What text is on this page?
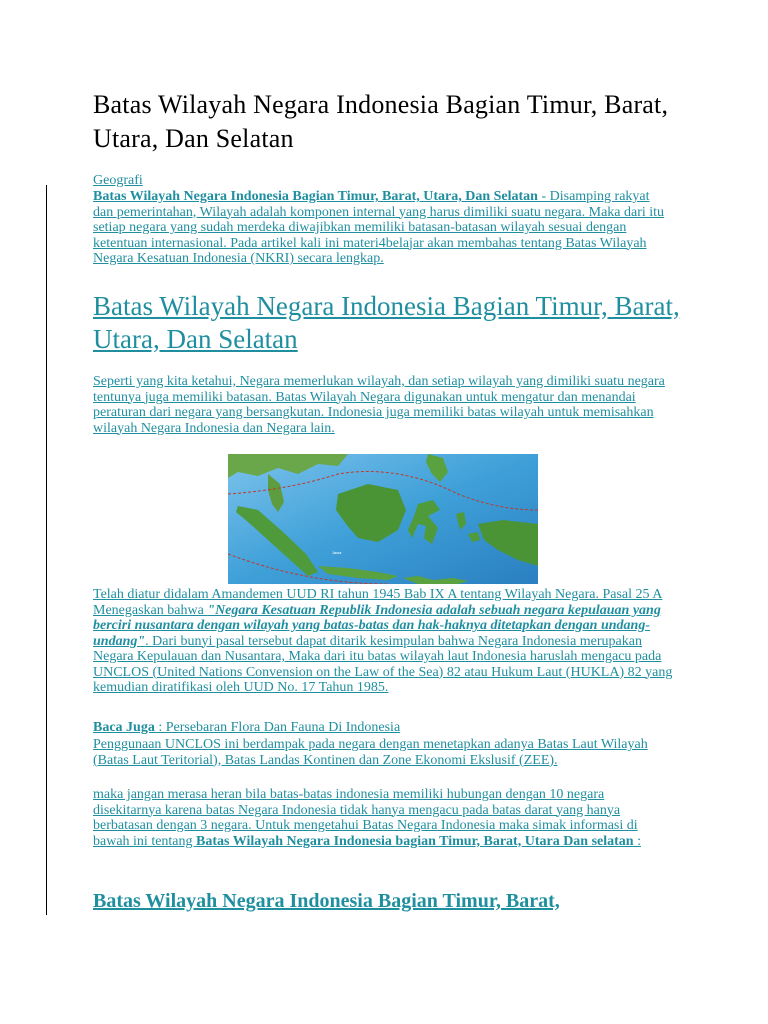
Batas Wilayah Negara Indonesia Bagian Timur, Barat, Utara, Dan Selatan
Geografi
Batas Wilayah Negara Indonesia Bagian Timur, Barat, Utara, Dan Selatan - Disamping rakyat dan pemerintahan, Wilayah adalah komponen internal yang harus dimiliki suatu negara. Maka dari itu setiap negara yang sudah merdeka diwajibkan memiliki batasan-batasan wilayah sesuai dengan ketentuan internasional. Pada artikel kali ini materi4belajar akan membahas tentang Batas Wilayah Negara Kesatuan Indonesia (NKRI) secara lengkap.
Batas Wilayah Negara Indonesia Bagian Timur, Barat, Utara, Dan Selatan
Seperti yang kita ketahui, Negara memerlukan wilayah, dan setiap wilayah yang dimiliki suatu negara tentunya juga memiliki batasan. Batas Wilayah Negara digunakan untuk mengatur dan menandai peraturan dari negara yang bersangkutan. Indonesia juga memiliki batas wilayah untuk memisahkan wilayah Negara Indonesia dan Negara lain.
Jawa
Telah diatur didalam Amandemen UUD RI tahun 1945 Bab IX A tentang Wilayah Negara. Pasal 25 A Menegaskan bahwa "Negara Kesatuan Republik Indonesia adalah sebuah negara kepulauan yang berciri nusantara dengan wilayah yang batas-batas dan hak-haknya ditetapkan dengan undang-undang". Dari bunyi pasal tersebut dapat ditarik kesimpulan bahwa Negara Indonesia merupakan Negara Kepulauan dan Nusantara, Maka dari itu batas wilayah laut Indonesia haruslah mengacu pada UNCLOS (United Nations Convension on the Law of the Sea) 82 atau Hukum Laut (HUKLA) 82 yang kemudian diratifikasi oleh UUD No. 17 Tahun 1985.
Baca Juga : Persebaran Flora Dan Fauna Di Indonesia
Penggunaan UNCLOS ini berdampak pada negara dengan menetapkan adanya Batas Laut Wilayah (Batas Laut Teritorial), Batas Landas Kontinen dan Zone Ekonomi Ekslusif (ZEE).
maka jangan merasa heran bila batas-batas indonesia memiliki hubungan dengan 10 negara disekitarnya karena batas Negara Indonesia tidak hanya mengacu pada batas darat yang hanya berbatasan dengan 3 negara. Untuk mengetahui Batas Negara Indonesia maka simak informasi di bawah ini tentang Batas Wilayah Negara Indonesia bagian Timur, Barat, Utara Dan selatan :
Batas Wilayah Negara Indonesia Bagian Timur, Barat,
